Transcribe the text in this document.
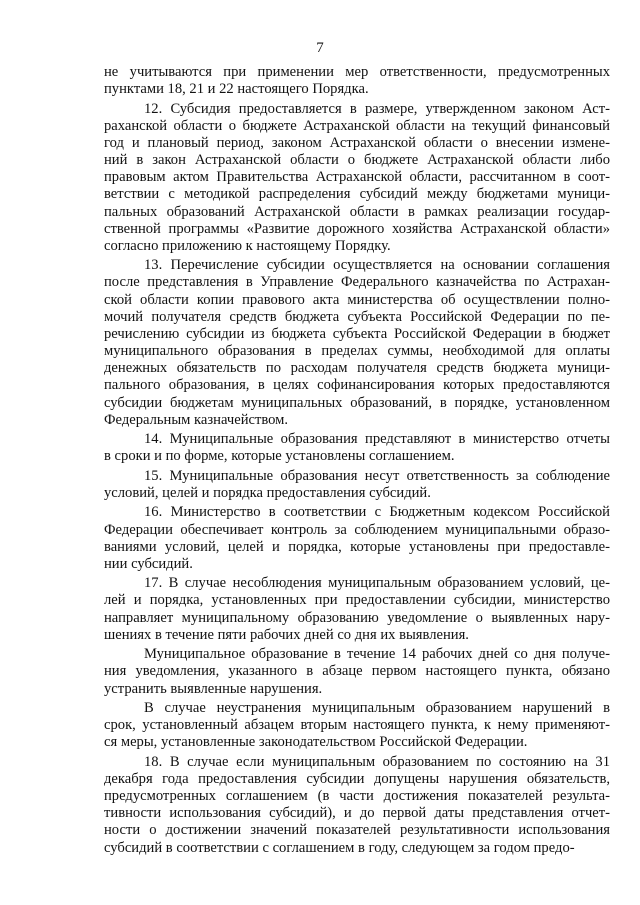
7

не учитываются при применении мер ответственности, предусмотренных
пунктами 18, 21 и 22 настоящего Порядка.

12. Субсидия предоставляется в размере, утвержденном законом Аст-
раханской области о бюджете Астраханской области на текущий финансовый
год и плановый период, законом Астраханской области о внесении измене-
ний в закон Астраханской области о бюджете Астраханской области либо
правовым актом Правительства Астраханской области, рассчитанном в соот-
ветствии с методикой распределения субсидий между бюджетами муници-
пальных образований Астраханской области в рамках реализации государ-
ственной программы «Развитие дорожного хозяйства Астраханской области»
согласно приложению к настоящему Порядку.

13. Перечисление субсидии осуществляется на основании соглашения
после представления в Управление Федерального казначейства по Астрахан-
ской области копии правового акта министерства об осуществлении полно-
мочий получателя средств бюджета субъекта Российской Федерации по пе-
речислению субсидии из бюджета субъекта Российской Федерации в бюджет
муниципального образования в пределах суммы, необходимой для оплаты
денежных обязательств по расходам получателя средств бюджета муници-
пального образования, в целях софинансирования которых предоставляются
субсидии бюджетам муниципальных образований, в порядке, установленном
Федеральным казначейством.

14. Муниципальные образования представляют в министерство отчеты
в сроки и по форме, которые установлены соглашением.

15. Муниципальные образования несут ответственность за соблюдение
условий, целей и порядка предоставления субсидий.

16. Министерство в соответствии с Бюджетным кодексом Российской
Федерации обеспечивает контроль за соблюдением муниципальными образо-
ваниями условий, целей и порядка, которые установлены при предоставле-
нии субсидий.

17. В случае несоблюдения муниципальным образованием условий, це-
лей и порядка, установленных при предоставлении субсидии, министерство
направляет муниципальному образованию уведомление о выявленных нару-
шениях в течение пяти рабочих дней со дня их выявления.

Муниципальное образование в течение 14 рабочих дней со дня получе-
ния уведомления, указанного в абзаце первом настоящего пункта, обязано
устранить выявленные нарушения.

В случае неустранения муниципальным образованием нарушений в
срок, установленный абзацем вторым настоящего пункта, к нему применяют-
ся меры, установленные законодательством Российской Федерации.

18. В случае если муниципальным образованием по состоянию на 31
декабря года предоставления субсидии допущены нарушения обязательств,
предусмотренных соглашением (в части достижения показателей результа-
тивности использования субсидий), и до первой даты представления отчет-
ности о достижении значений показателей результативности использования
субсидий в соответствии с соглашением в году, следующем за годом предо-
